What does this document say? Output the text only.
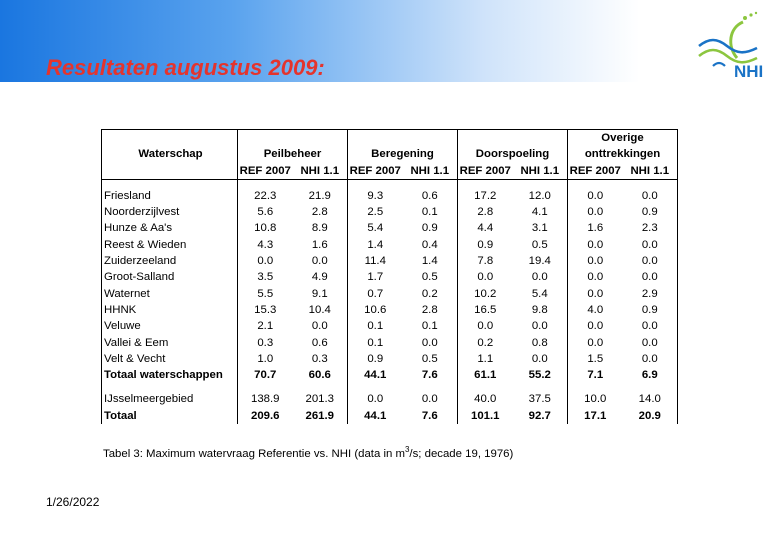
Resultaten augustus 2009:	NHI
							Overige	
Waterschap	Peilbeheer		Beregening		Doorspoeling		onttrekkingen	
	REF 2007	NHI 1.1	REF 2007	NHI 1.1	REF 2007	NHI 1.1	REF 2007	NHI 1.1

Friesland	22.3	21.9	9.3	0.6	17.2	12.0	0.0	0.0
Noorderzijlvest	5.6	2.8	2.5	0.1	2.8	4.1	0.0	0.9
Hunze & Aa's	10.8	8.9	5.4	0.9	4.4	3.1	1.6	2.3
Reest & Wieden	4.3	1.6	1.4	0.4	0.9	0.5	0.0	0.0
Zuiderzeeland	0.0	0.0	11.4	1.4	7.8	19.4	0.0	0.0
Groot-Salland	3.5	4.9	1.7	0.5	0.0	0.0	0.0	0.0
Waternet	5.5	9.1	0.7	0.2	10.2	5.4	0.0	2.9
HHNK	15.3	10.4	10.6	2.8	16.5	9.8	4.0	0.9
Veluwe	2.1	0.0	0.1	0.1	0.0	0.0	0.0	0.0
Vallei & Eem	0.3	0.6	0.1	0.0	0.2	0.8	0.0	0.0
Velt & Vecht	1.0	0.3	0.9	0.5	1.1	0.0	1.5	0.0
Totaal waterschappen	70.7	60.6	44.1	7.6	61.1	55.2	7.1	6.9

IJsselmeergebied	138.9	201.3	0.0	0.0	40.0	37.5	10.0	14.0
Totaal	209.6	261.9	44.1	7.6	101.1	92.7	17.1	20.9
Tabel 3: Maximum watervraag Referentie vs. NHI (data in $m^3/s$; decade 19, 1976)
1/26/2022
